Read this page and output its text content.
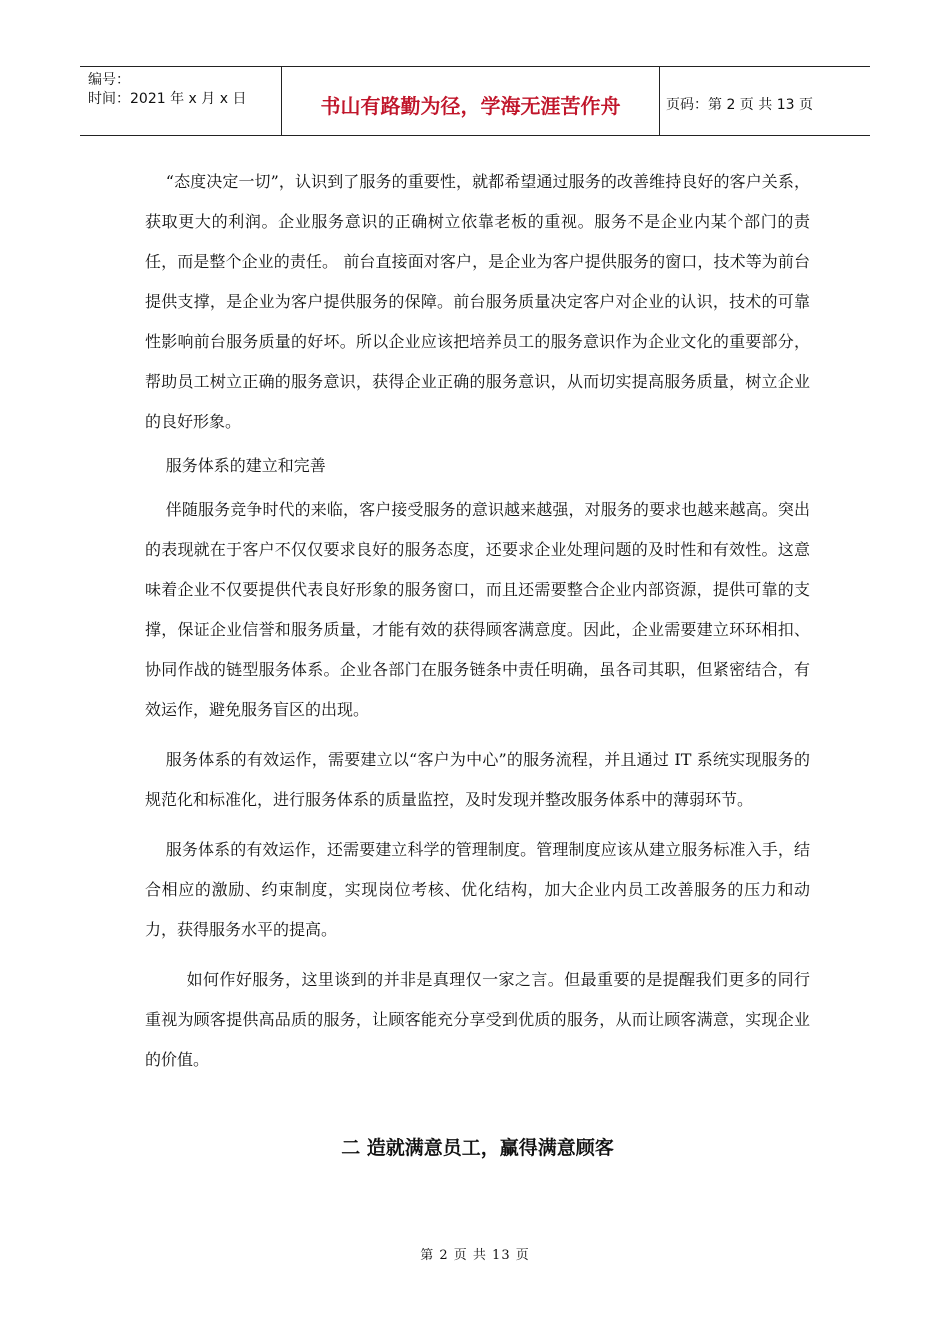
编号：
时间：2021 年 x 月 x 日	书山有路勤为径，学海无涯苦作舟	页码：第 2 页 共 13 页

“态度决定一切”，认识到了服务的重要性，就都希望通过服务的改善维持良好的客户关系，获取更大的利润。企业服务意识的正确树立依靠老板的重视。服务不是企业内某个部门的责任，而是整个企业的责任。 前台直接面对客户，是企业为客户提供服务的窗口，技术等为前台提供支撑，是企业为客户提供服务的保障。前台服务质量决定客户对企业的认识，技术的可靠性影响前台服务质量的好坏。所以企业应该把培养员工的服务意识作为企业文化的重要部分，帮助员工树立正确的服务意识，获得企业正确的服务意识，从而切实提高服务质量，树立企业的良好形象。

服务体系的建立和完善

伴随服务竞争时代的来临，客户接受服务的意识越来越强，对服务的要求也越来越高。突出的表现就在于客户不仅仅要求良好的服务态度，还要求企业处理问题的及时性和有效性。这意味着企业不仅要提供代表良好形象的服务窗口，而且还需要整合企业内部资源，提供可靠的支撑，保证企业信誉和服务质量，才能有效的获得顾客满意度。因此，企业需要建立环环相扣、协同作战的链型服务体系。企业各部门在服务链条中责任明确，虽各司其职，但紧密结合，有效运作，避免服务盲区的出现。

服务体系的有效运作，需要建立以“客户为中心”的服务流程，并且通过 IT 系统实现服务的规范化和标准化，进行服务体系的质量监控，及时发现并整改服务体系中的薄弱环节。

服务体系的有效运作，还需要建立科学的管理制度。管理制度应该从建立服务标准入手，结合相应的激励、约束制度，实现岗位考核、优化结构，加大企业内员工改善服务的压力和动力，获得服务水平的提高。

如何作好服务，这里谈到的并非是真理仅一家之言。但最重要的是提醒我们更多的同行重视为顾客提供高品质的服务，让顾客能充分享受到优质的服务，从而让顾客满意，实现企业的价值。

二 造就满意员工，赢得满意顾客
第 2 页 共 13 页
